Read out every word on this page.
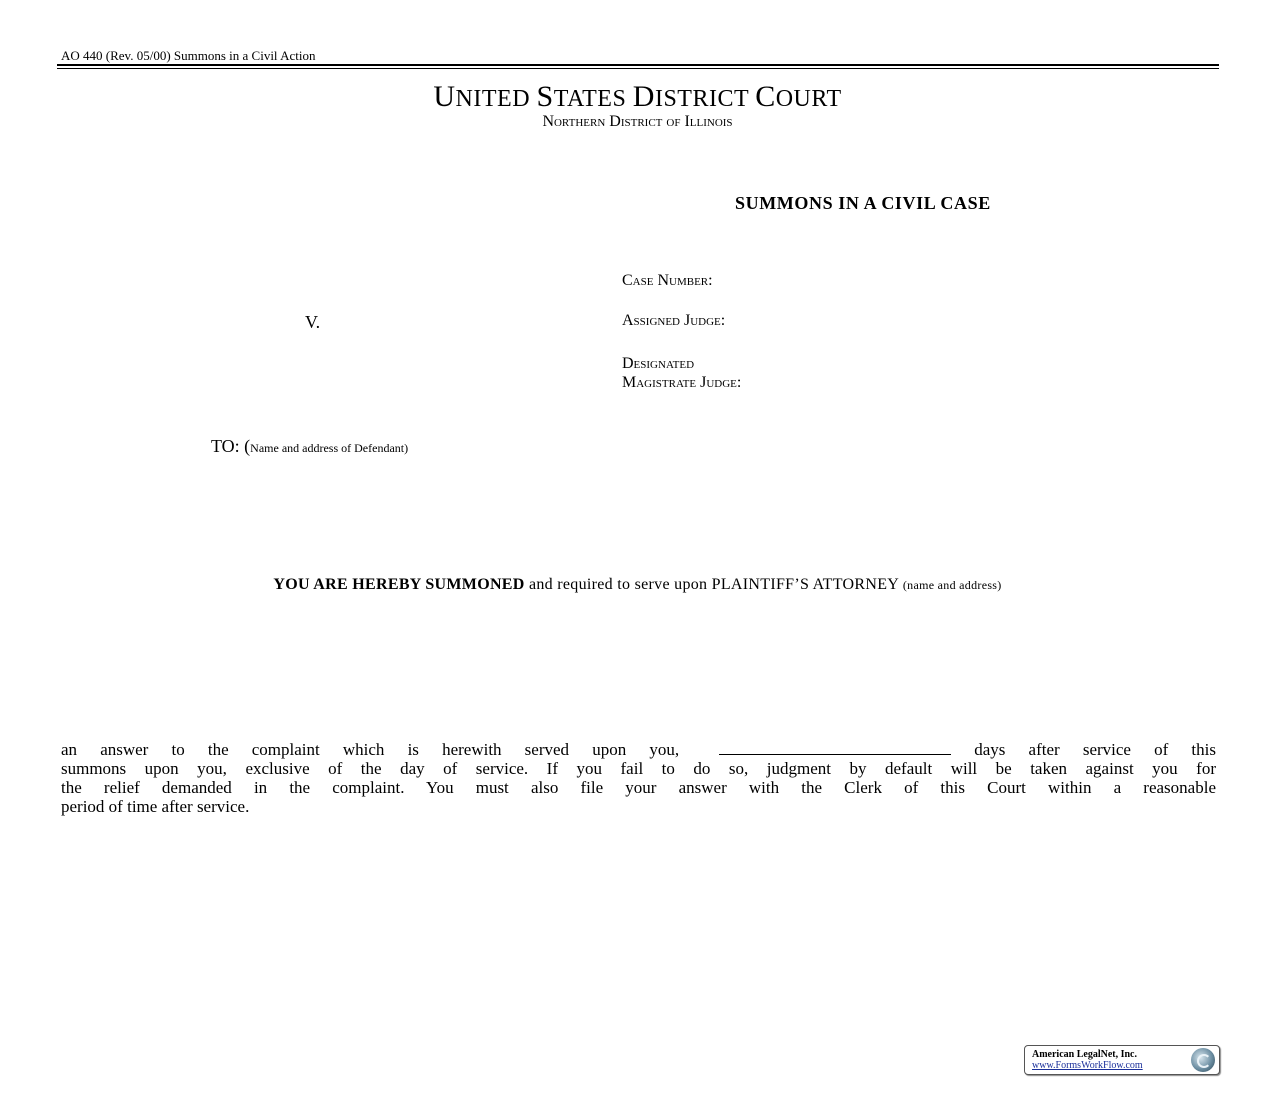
AO 440 (Rev. 05/00) Summons in a Civil Action
UNITED STATES DISTRICT COURT
Northern District of Illinois
SUMMONS IN A CIVIL CASE
Case Number:
Assigned Judge:
Designated
Magistrate Judge:
V.
TO: (Name and address of Defendant)
YOU ARE HEREBY SUMMONED and required to serve upon PLAINTIFF’S ATTORNEY (name and address)
an answer to the complaint which is herewith served upon you,	days after service of this
summons upon you, exclusive of the day of service. If you fail to do so, judgment by default will be taken against you for
the relief demanded in the complaint. You must also file your answer with the Clerk of this Court within a reasonable
period of time after service.
American LegalNet, Inc.
www.FormsWorkFlow.com
